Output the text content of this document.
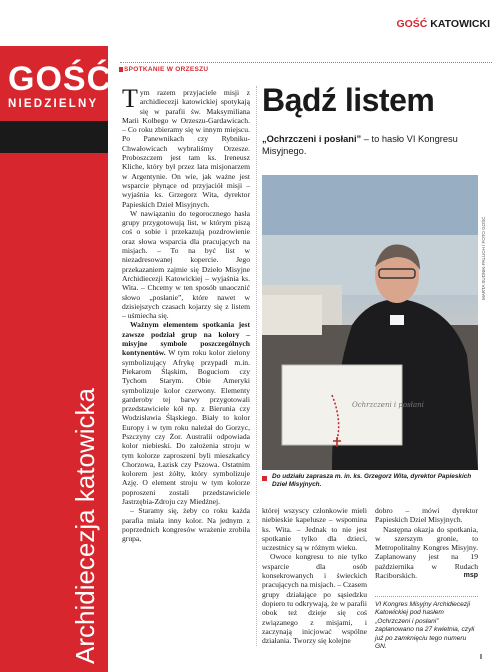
GOŚĆ
NIEDZIELNY
28 kwietnia 2019
nr 17/1416
www.katowice.gosc.pl
Archidiecezja katowicka
GOŚĆ KATOWICKI
SPOTKANIE W ORZESZU

Tym razem przyjaciele misji z archidiecezji katowickiej spotykają się w parafii św. Maksymiliana Marii Kolbego w Orzeszu-Gardawicach. – Co roku zbieramy się w innym miejscu. Po Panewnikach czy Rybniku-Chwałowicach wybraliśmy Orzesze. Proboszczem jest tam ks. Ireneusz Kliche, który był przez lata misjonarzem w Argentynie. On wie, jak ważne jest wsparcie płynące od przyjaciół misji – wyjaśnia ks. Grzegorz Wita, dyrektor Papieskich Dzieł Misyjnych.

W nawiązaniu do tegorocznego hasła grupy przygotowują list, w którym piszą coś o sobie i przekazują pozdrowienie oraz słowa wsparcia dla pracujących na misjach. – To na być list w niezadresowanej kopercie. Jego przekazaniem zajmie się Dzieło Misyjne Archidiecezji Katowickiej – wyjaśnia ks. Wita. – Chcemy w ten sposób unaocznić słowo „posłanie”, które nawet w dzisiejszych czasach kojarzy się z listem – uśmiecha się.

Ważnym elementem spotkania jest zawsze podział grup na kolory – misyjne symbole poszczególnych kontynentów. W tym roku kolor zielony symbolizujący Afrykę przypadł m.in. Piekarom Śląskim, Boguciom czy Tychom Starym. Obie Ameryki symbolizuje kolor czerwony. Elementy garderoby tej barwy przygotowali przedstawiciele kół np. z Bierunia czy Wodzisławia Śląskiego. Biały to kolor Europy i w tym roku należał do Gorzyc, Pszczyny czy Żor. Australii odpowiada kolor niebieski. Do założenia stroju w tym kolorze zaproszeni byli mieszkańcy Chorzowa, Łazisk czy Pszowa. Ostatnim kolorem jest żółty, który symbolizuje Azję. O element stroju w tym kolorze poproszeni zostali przedstawiciele Jastrzębia-Zdroju czy Miedźnej.

– Staramy się, żeby co roku każda parafia miała inny kolor. Na jednym z poprzednich kongresów wrażenie zrobiła grupa,

Bądź listem
„Ochrzczeni i posłani” – to hasło VI Kongresu Misyjnego.
Ochrzczeni i posłani
MARTA SUDNIK-PALUCH / FOTO GOŚĆ
Do udziału zaprasza m. in. ks. Grzegorz Wita, dyrektor Papieskich Dzieł Misyjnych.

której wszyscy członkowie mieli niebieskie kapelusze – wspomina ks. Wita. – Jednak to nie jest spotkanie tylko dla dzieci, uczestnicy są w różnym wieku.

Owoce kongresu to nie tylko wsparcie dla osób konsekrowanych i świeckich pracujących na misjach. – Czasem grupy działające po sąsiedzku dopiero tu odkrywają, że w parafii obok też dzieje się coś związanego z misjami, i zaczynają inicjować wspólne działania. Tworzy się kolejne

dobro – mówi dyrektor Papieskich Dzieł Misyjnych.

Następna okazja do spotkania, w szerszym gronie, to Metropolitalny Kongres Misyjny. Zaplanowany jest na 19 października w Rudach Raciborskich.	msp

VI Kongres Misyjny Archidiecezji Katowickiej pod hasłem „Ochrzczeni i posłani” zaplanowano na 27 kwietnia, czyli już po zamknięciu tego numeru GN.
I
